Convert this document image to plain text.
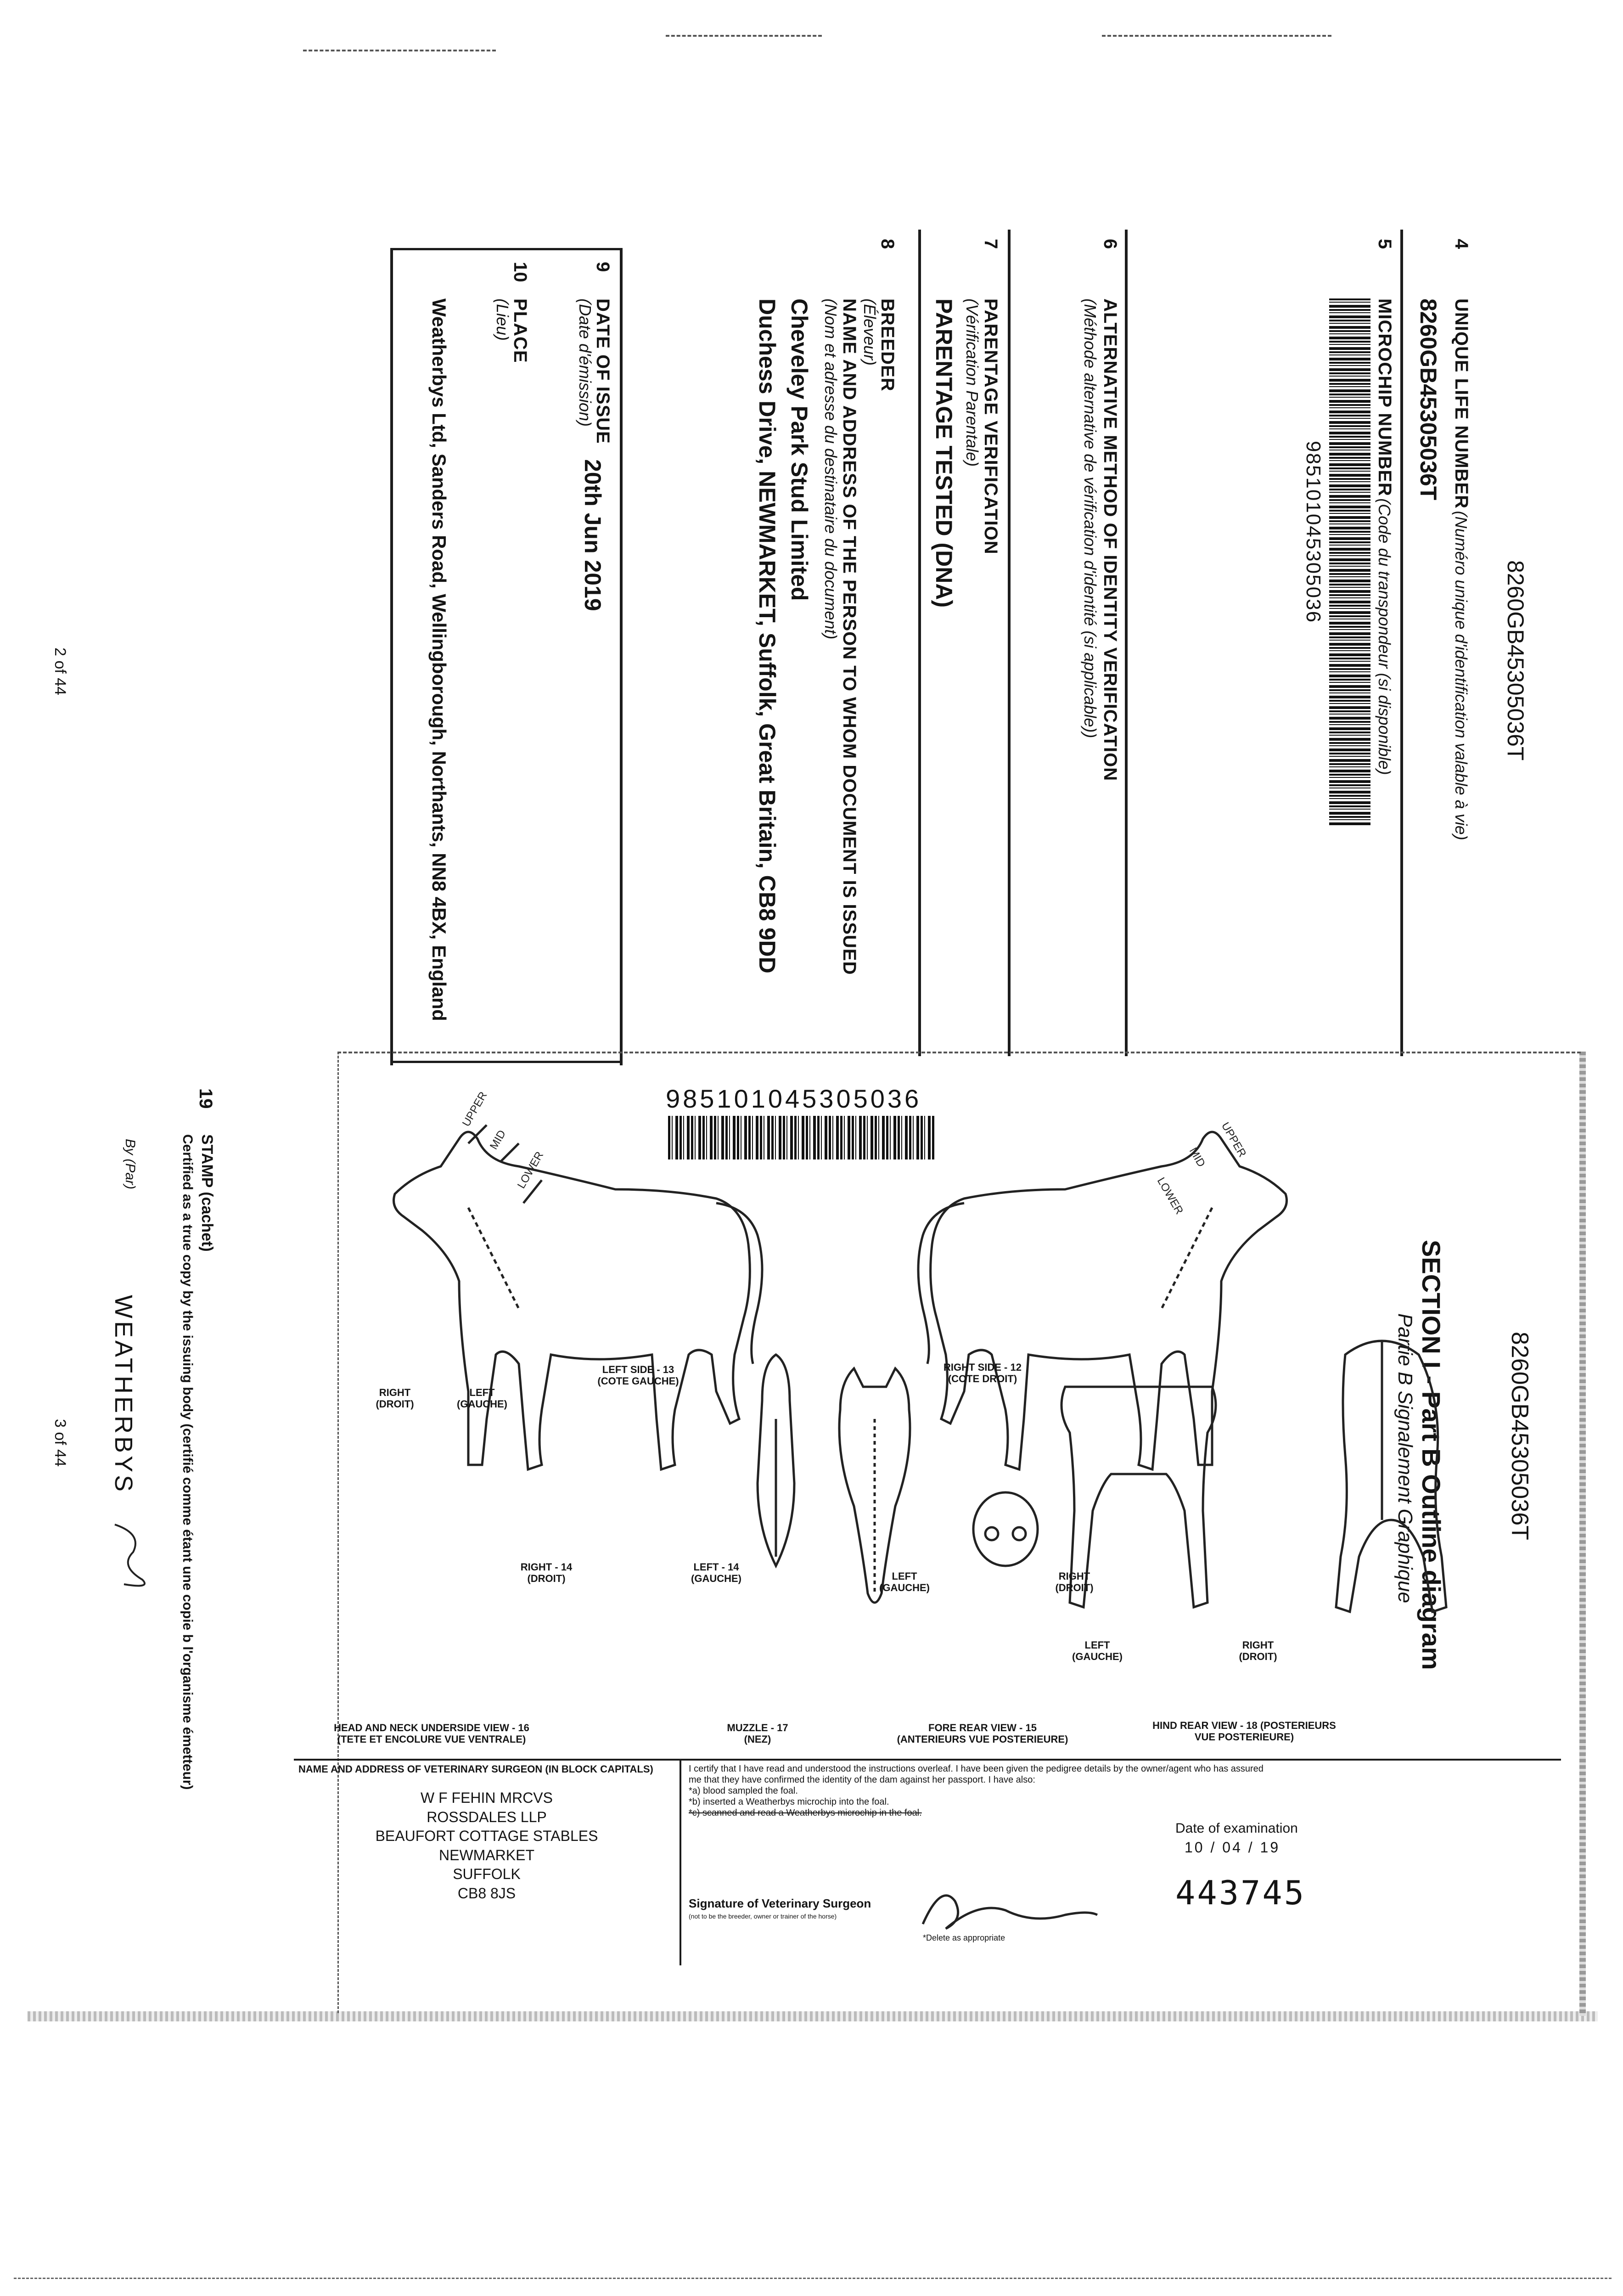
8260GB45305036T
4
UNIQUE LIFE NUMBER (Numéro unique d'identification valable à vie)
8260GB45305036T
5
MICROCHIP NUMBER (Code du transpondeur (si disponible)
985101045305036
6
ALTERNATIVE METHOD OF IDENTITY VERIFICATION
(Méthode alternative de vérification d'identité (si applicable))
7
PARENTAGE VERIFICATION
(Vérification Parentale)
PARENTAGE TESTED (DNA)
8
BREEDER
(Éleveur)
NAME AND ADDRESS OF THE PERSON TO WHOM DOCUMENT IS ISSUED
(Nom et adresse du destinataire du document)
Cheveley Park Stud Limited
Duchess Drive, NEWMARKET, Suffolk, Great Britain, CB8 9DD
9
DATE OF ISSUE
(Date d'émission)
20th Jun 2019
10
PLACE
(Lieu)
Weatherbys Ltd, Sanders Road, Wellingborough, Northants, NN8 4BX, England
2 of 44
8260GB45305036T
SECTION I - Part B Outline diagram
Partie B Signalement Graphique
985101045305036
UPPER
MID
LOWER
UPPER
MID
LOWER
LEFT SIDE - 13
(COTE GAUCHE)
RIGHT SIDE - 12
(COTE DROIT)
RIGHT
(DROIT)
LEFT
(GAUCHE)
RIGHT - 14
(DROIT)
LEFT - 14
(GAUCHE)	LEFT
(GAUCHE)
RIGHT
(DROIT)
LEFT
(GAUCHE)
RIGHT
(DROIT)
HEAD AND NECK UNDERSIDE VIEW - 16
(TETE ET ENCOLURE VUE VENTRALE)
MUZZLE - 17
(NEZ)
FORE REAR VIEW - 15
(ANTERIEURS VUE POSTERIEURE)
HIND REAR VIEW - 18 (POSTERIEURS
VUE POSTERIEURE)
19
STAMP (cachet)
Certified as a true copy by the issuing body (certifié comme étant une copie b l'organisme émetteur)
By (Par)
WEATHERBYS
3 of 44
NAME AND ADDRESS OF VETERINARY SURGEON (IN BLOCK CAPITALS)
W F FEHIN MRCVS
ROSSDALES LLP
BEAUFORT COTTAGE STABLES
NEWMARKET
SUFFOLK
CB8 8JS
I certify that I have read and understood the instructions overleaf. I have been given the pedigree details by the owner/agent who has assured me that they have confirmed the identity of the dam against her passport. I have also:
*a) blood sampled the foal.
*b) inserted a Weatherbys microchip into the foal.
*c) scanned and read a Weatherbys microchip in the foal.
Date of examination
10 / 04 / 19
Signature of Veterinary Surgeon
(not to be the breeder, owner or trainer of the horse)
*Delete as appropriate
443745
